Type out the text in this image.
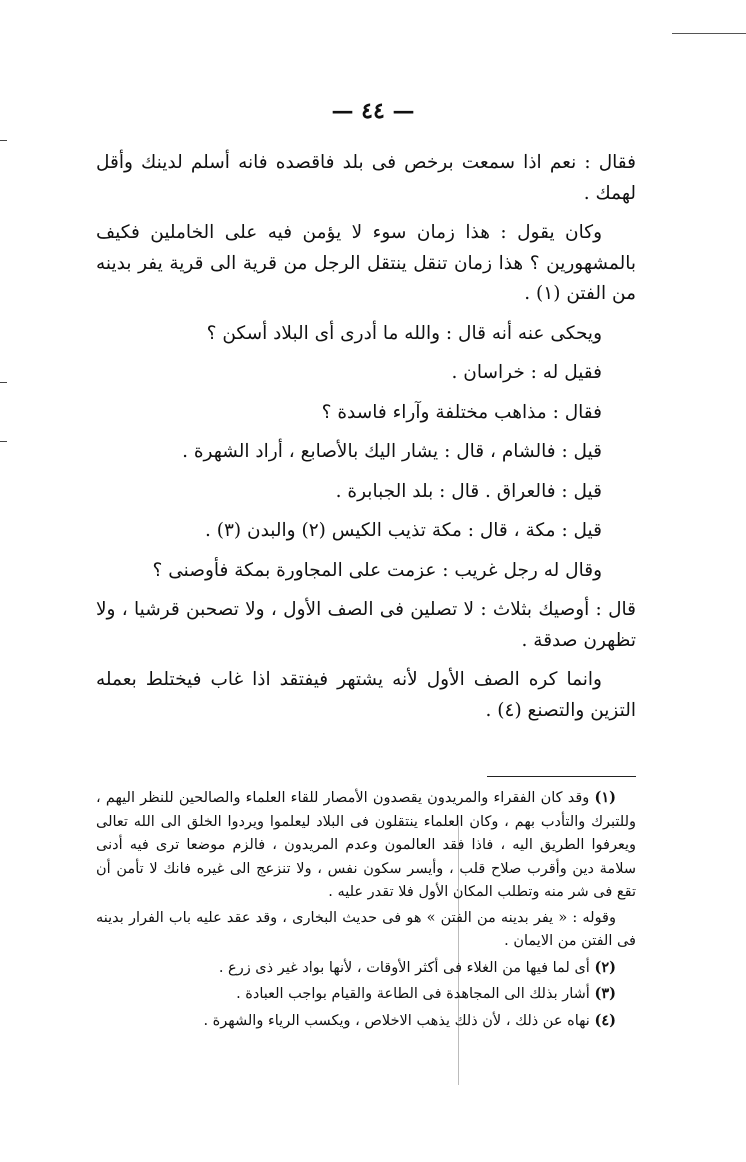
— ٤٤ —

فقال : نعم اذا سمعت برخص فى بلد فاقصده فانه أسلم لدينك وأقل لهمك .

وكان يقول : هذا زمان سوء لا يؤمن فيه على الخاملين فكيف بالمشهورين ؟ هذا زمان تنقل ينتقل الرجل من قرية الى قرية يفر بدينه من الفتن (١) .

ويحكى عنه أنه قال : والله ما أدرى أى البلاد أسكن ؟

فقيل له : خراسان .

فقال : مذاهب مختلفة وآراء فاسدة ؟

قيل : فالشام ، قال : يشار اليك بالأصابع ، أراد الشهرة .

قيل : فالعراق . قال : بلد الجبابرة .

قيل : مكة ، قال : مكة تذيب الكيس (٢) والبدن (٣) .

وقال له رجل غريب : عزمت على المجاورة بمكة فأوصنى ؟

قال : أوصيك بثلاث : لا تصلين فى الصف الأول ، ولا تصحبن قرشيا ، ولا تظهرن صدقة .

وانما كره الصف الأول لأنه يشتهر فيفتقد اذا غاب فيختلط بعمله التزين والتصنع (٤) .

(١) وقد كان الفقراء والمريدون يقصدون الأمصار للقاء العلماء والصالحين للنظر اليهم ، وللتبرك والتأدب بهم ، وكان العلماء ينتقلون فى البلاد ليعلموا ويردوا الخلق الى الله تعالى ويعرفوا الطريق اليه ، فاذا فقد العالمون وعدم المريدون ، فالزم موضعا ترى فيه أدنى سلامة دين وأقرب صلاح قلب ، وأيسر سكون نفس ، ولا تنزعج الى غيره فانك لا تأمن أن تقع فى شر منه وتطلب المكان الأول فلا تقدر عليه .

وقوله : « يفر بدينه من الفتن » هو فى حديث البخارى ، وقد عقد عليه باب الفرار بدينه فى الفتن من الايمان .

(٢) أى لما فيها من الغلاء فى أكثر الأوقات ، لأنها بواد غير ذى زرع .

(٣) أشار بذلك الى المجاهدة فى الطاعة والقيام بواجب العبادة .

(٤) نهاه عن ذلك ، لأن ذلك يذهب الاخلاص ، ويكسب الرياء والشهرة .
